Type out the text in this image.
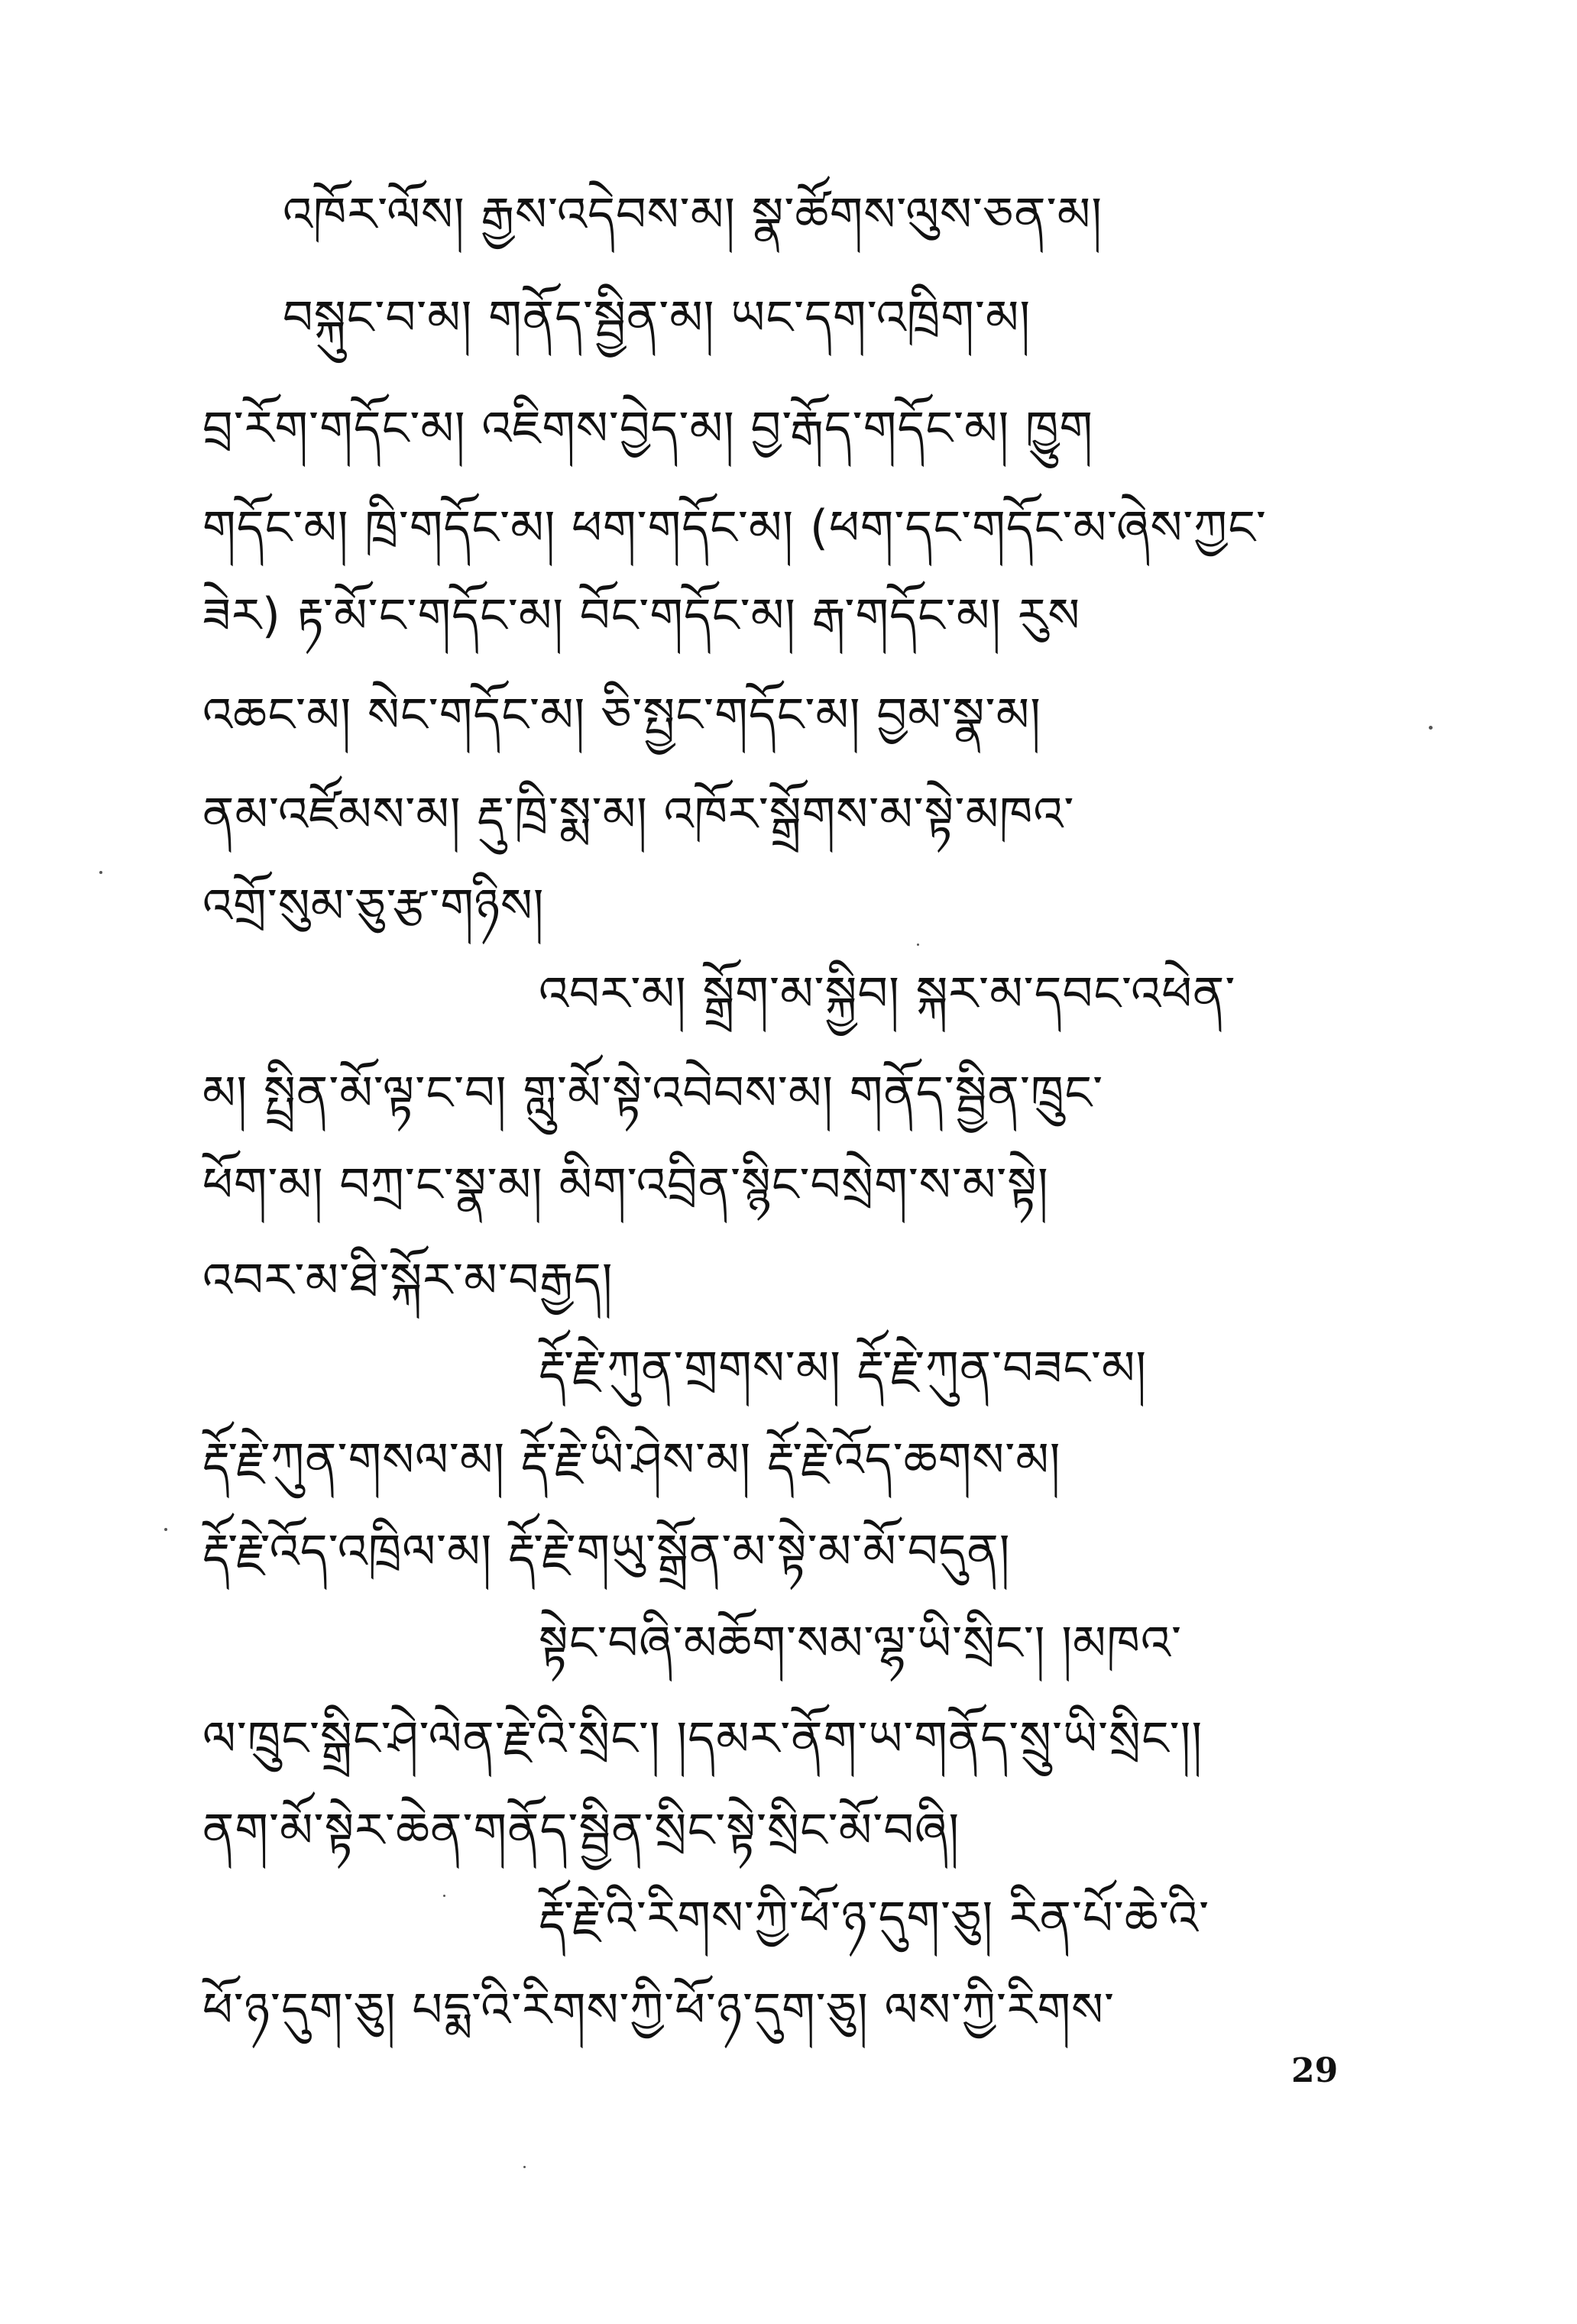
འཁོར་ལོས། རྒྱས་འདེབས་མ། སྣ་ཚོགས་ལུས་ཅན་མ།
བསྐུང་བ་མ། གནོད་སྦྱིན་མ། ཡང་དག་འཁྲིག་མ།
བྲ་རོག་གདོང་མ། འཇིགས་བྱེད་མ། བྱ་རྒོད་གདོང་མ། ཁྱུག
གདོང་མ། ཁྲི་གདོང་མ། ཕག་གདོང་མ། (ཕག་དང་གདོང་མ་ཞེས་ཀྱང་
ཟེར) རྟ་མོ་ང་གདོང་མ། བོང་གདོང་མ། རྒ་གདོང་མ། རུས
འཆང་མ། སེང་གདོང་མ། ཅི་སྤྱང་གདོང་མ། བྱམ་སྣ་མ།
ནམ་འཛོམས་མ། རྡུ་ཁྲི་སྨ་མ། འཁོར་སྒྲོགས་མ་སྟེ་མཁའ་
འགྲོ་སུམ་ཅུ་རྩ་གཉིས།
འབར་མ། སྒྲོག་མ་སྐྱིབ། སྐར་མ་དབང་འཕེན་
མ། སྤྲིན་མོ་ལྟ་ང་བ། གླུ་མོ་སྟེ་འབེབས་མ། གནོད་སྦྱིན་ཁྲུང་
ཕོག་མ། བཀྲ་ང་སྣ་མ། མིག་འབྲིན་སྙིང་བསྲེག་ས་མ་སྟེ།
འབར་མ་ཐི་སྐོར་མ་བརྒྱད།
རྡོ་རྗེ་ཀུན་གྲགས་མ། རྡོ་རྗེ་ཀུན་བཟང་མ།
རྡོ་རྗེ་ཀུན་གསལ་མ། རྡོ་རྗེ་ཡི་ཤེས་མ། རྡོ་རྗེ་འོད་ཆགས་མ།
རྡོ་རྗེ་འོད་འཁྲིལ་མ། རྡོ་རྗེ་གཡུ་སྒྲོན་མ་སྟེ་མ་མོ་བདུན།
སྟེང་བཞི་མཆོག་སམ་ལྷ་ཡི་སྲིང་། །མཁའ་
ལ་ཁྲུང་སྒྲིང་ཤེ་ལེན་རྗེ་འི་སྲིང་། །དམར་ནོག་ཡ་གནོད་སྲུ་ཡི་སྲིང་།།
ནག་མོ་སྟེར་ཆེན་གནོད་སྦྱིན་སྲིང་སྟེ་སྲིང་མོ་བཞི།
རྡོ་རྗེ་འི་རིགས་ཀྱི་ཕོ་ཉ་དུག་ཅུ། རིན་པོ་ཆེ་འི་
ཕོ་ཉ་དུག་ཅུ། པདྨ་འི་རིགས་ཀྱི་ཕོ་ཉ་དུག་ཅུ། ལས་ཀྱི་རིགས་
29
